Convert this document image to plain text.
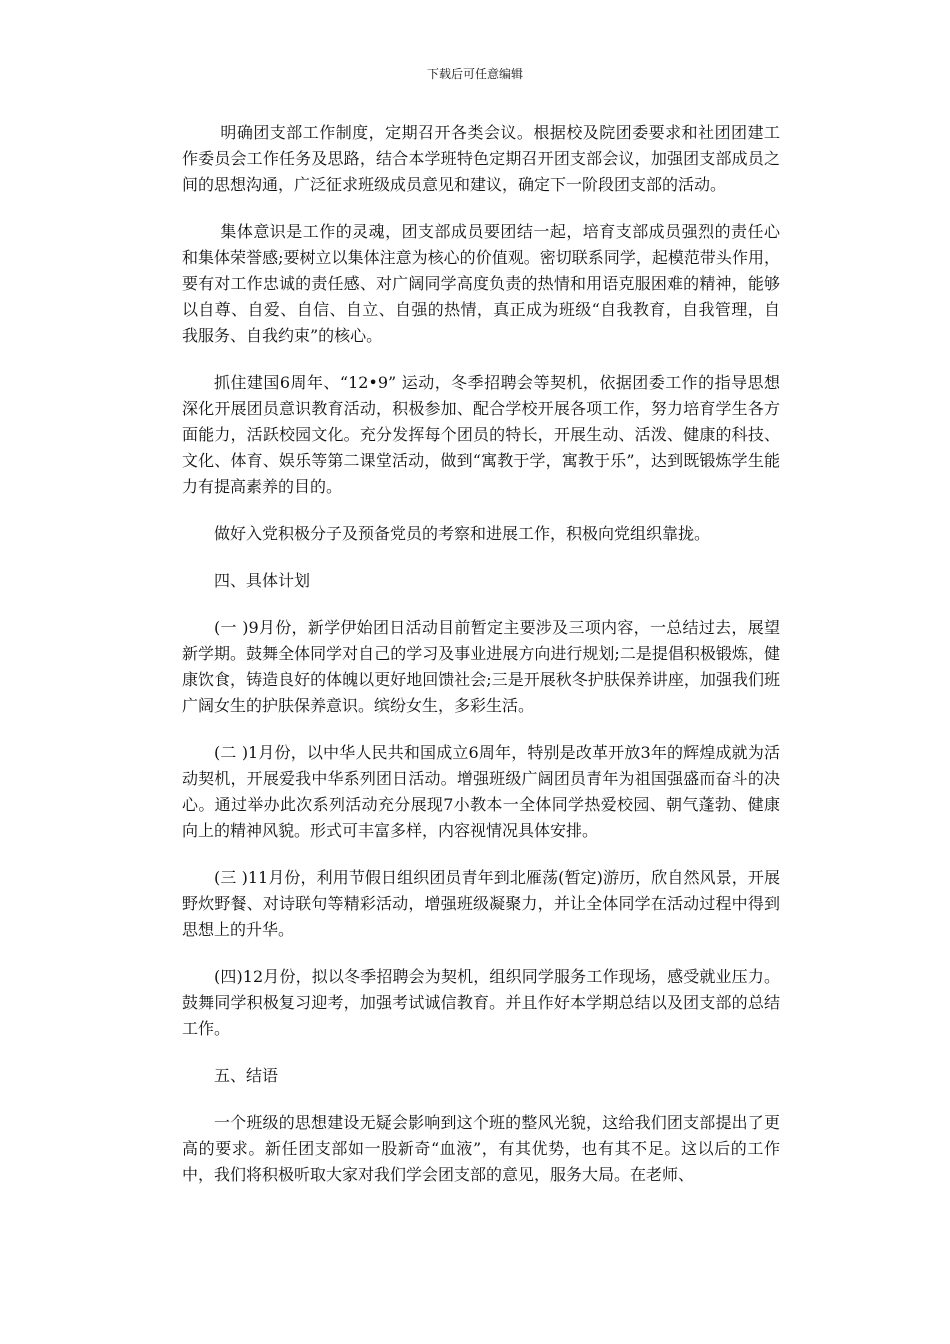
下载后可任意编辑

明确团支部工作制度，定期召开各类会议。根据校及院团委要求和社团团建工作委员会工作任务及思路，结合本学班特色定期召开团支部会议，加强团支部成员之间的思想沟通，广泛征求班级成员意见和建议，确定下一阶段团支部的活动。

集体意识是工作的灵魂，团支部成员要团结一起，培育支部成员强烈的责任心和集体荣誉感;要树立以集体注意为核心的价值观。密切联系同学，起模范带头作用，要有对工作忠诚的责任感、对广阔同学高度负责的热情和用语克服困难的精神，能够以自尊、自爱、自信、自立、自强的热情，真正成为班级“自我教育，自我管理，自我服务、自我约束”的核心。

抓住建国6周年、“12•9” 运动，冬季招聘会等契机，依据团委工作的指导思想深化开展团员意识教育活动，积极参加、配合学校开展各项工作，努力培育学生各方面能力，活跃校园文化。充分发挥每个团员的特长，开展生动、活泼、健康的科技、文化、体育、娱乐等第二课堂活动，做到“寓教于学，寓教于乐”，达到既锻炼学生能力有提高素养的目的。

做好入党积极分子及预备党员的考察和进展工作，积极向党组织靠拢。

四、具体计划

(一 )9月份，新学伊始团日活动目前暂定主要涉及三项内容，一总结过去，展望新学期。鼓舞全体同学对自己的学习及事业进展方向进行规划;二是提倡积极锻炼，健康饮食，铸造良好的体魄以更好地回馈社会;三是开展秋冬护肤保养讲座，加强我们班广阔女生的护肤保养意识。缤纷女生，多彩生活。

(二 )1月份，以中华人民共和国成立6周年，特别是改革开放3年的辉煌成就为活动契机，开展爱我中华系列团日活动。增强班级广阔团员青年为祖国强盛而奋斗的决心。通过举办此次系列活动充分展现7小教本一全体同学热爱校园、朝气蓬勃、健康向上的精神风貌。形式可丰富多样，内容视情况具体安排。

(三 )11月份，利用节假日组织团员青年到北雁荡(暂定)游历，欣自然风景，开展野炊野餐、对诗联句等精彩活动，增强班级凝聚力，并让全体同学在活动过程中得到思想上的升华。

(四)12月份，拟以冬季招聘会为契机，组织同学服务工作现场，感受就业压力。鼓舞同学积极复习迎考，加强考试诚信教育。并且作好本学期总结以及团支部的总结工作。

五、结语

一个班级的思想建设无疑会影响到这个班的整风光貌，这给我们团支部提出了更高的要求。新任团支部如一股新奇“血液”，有其优势，也有其不足。这以后的工作中，我们将积极听取大家对我们学会团支部的意见，服务大局。在老师、
